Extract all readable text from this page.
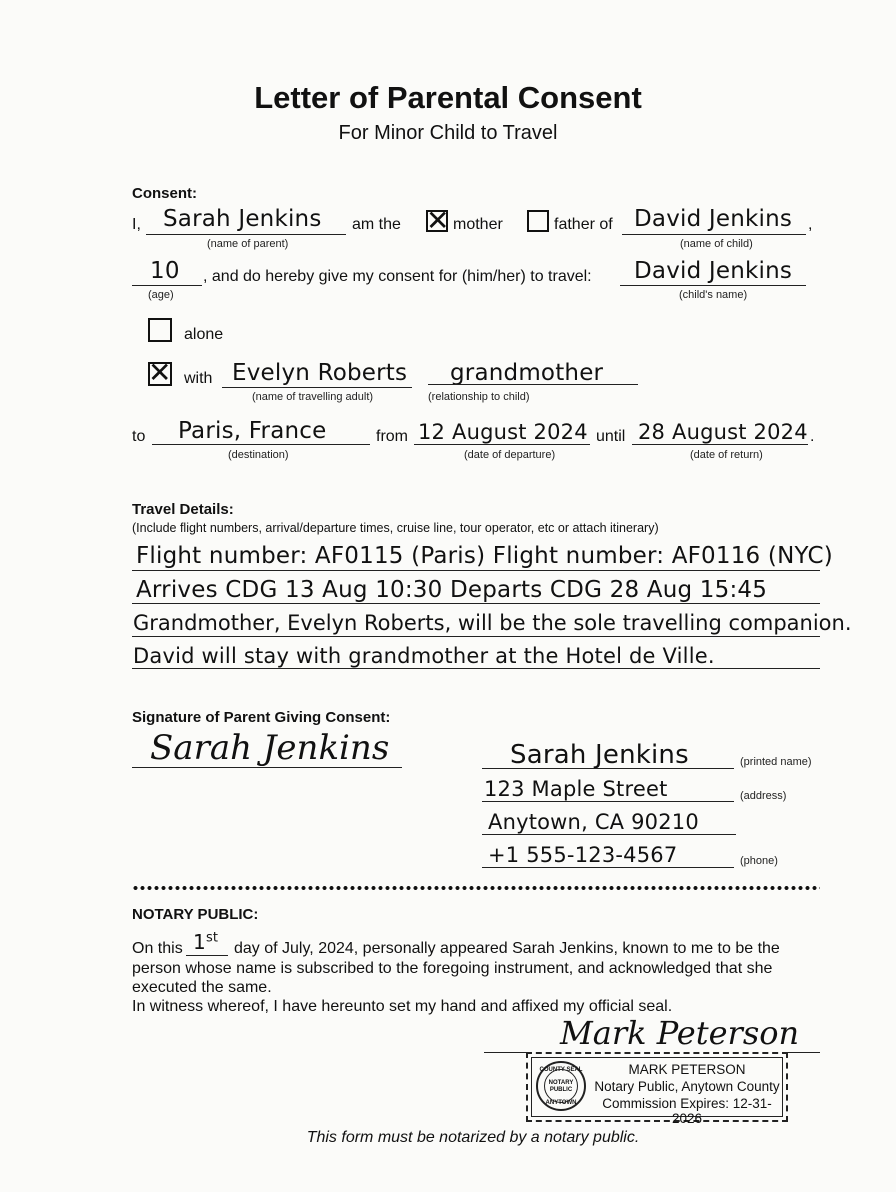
Letter of Parental Consent
For Minor Child to Travel
Consent:
I, Sarah Jenkins
(name of parent)
am the ✕ mother	father of David Jenkins
(name of child)
,
10
(age)
, and do hereby give my consent for (him/her) to travel: David Jenkins
(child's name)
alone
✕ with Evelyn Roberts
(name of travelling adult)
grandmother
(relationship to child)
to Paris, France
(destination)
from 12 August 2024
(date of departure)
until 28 August 2024
(date of return)
.
Travel Details:
(Include flight numbers, arrival/departure times, cruise line, tour operator, etc or attach itinerary)
Flight number: AF0115 (Paris) Flight number: AF0116 (NYC)
Arrives CDG 13 Aug 10:30 Departs CDG 28 Aug 15:45
Grandmother, Evelyn Roberts, will be the sole travelling companion.
David will stay with grandmother at the Hotel de Ville.
Signature of Parent Giving Consent:
Sarah Jenkins	Sarah Jenkins	(printed name)
123 Maple Street	(address)
Anytown, CA 90210
+1 555-123-4567	(phone)
NOTARY PUBLIC:
On this 1st
day of July, 2024, personally appeared Sarah Jenkins, known to me to be the
person whose name is subscribed to the foregoing instrument, and acknowledged that she
executed the same.
In witness whereof, I have hereunto set my hand and affixed my official seal.
Mark Peterson
COUNTY SEAL
NOTARY
PUBLIC
ANYTOWN
MARK PETERSON
Notary Public, Anytown County
Commission Expires: 12-31-2026
This form must be notarized by a notary public.
